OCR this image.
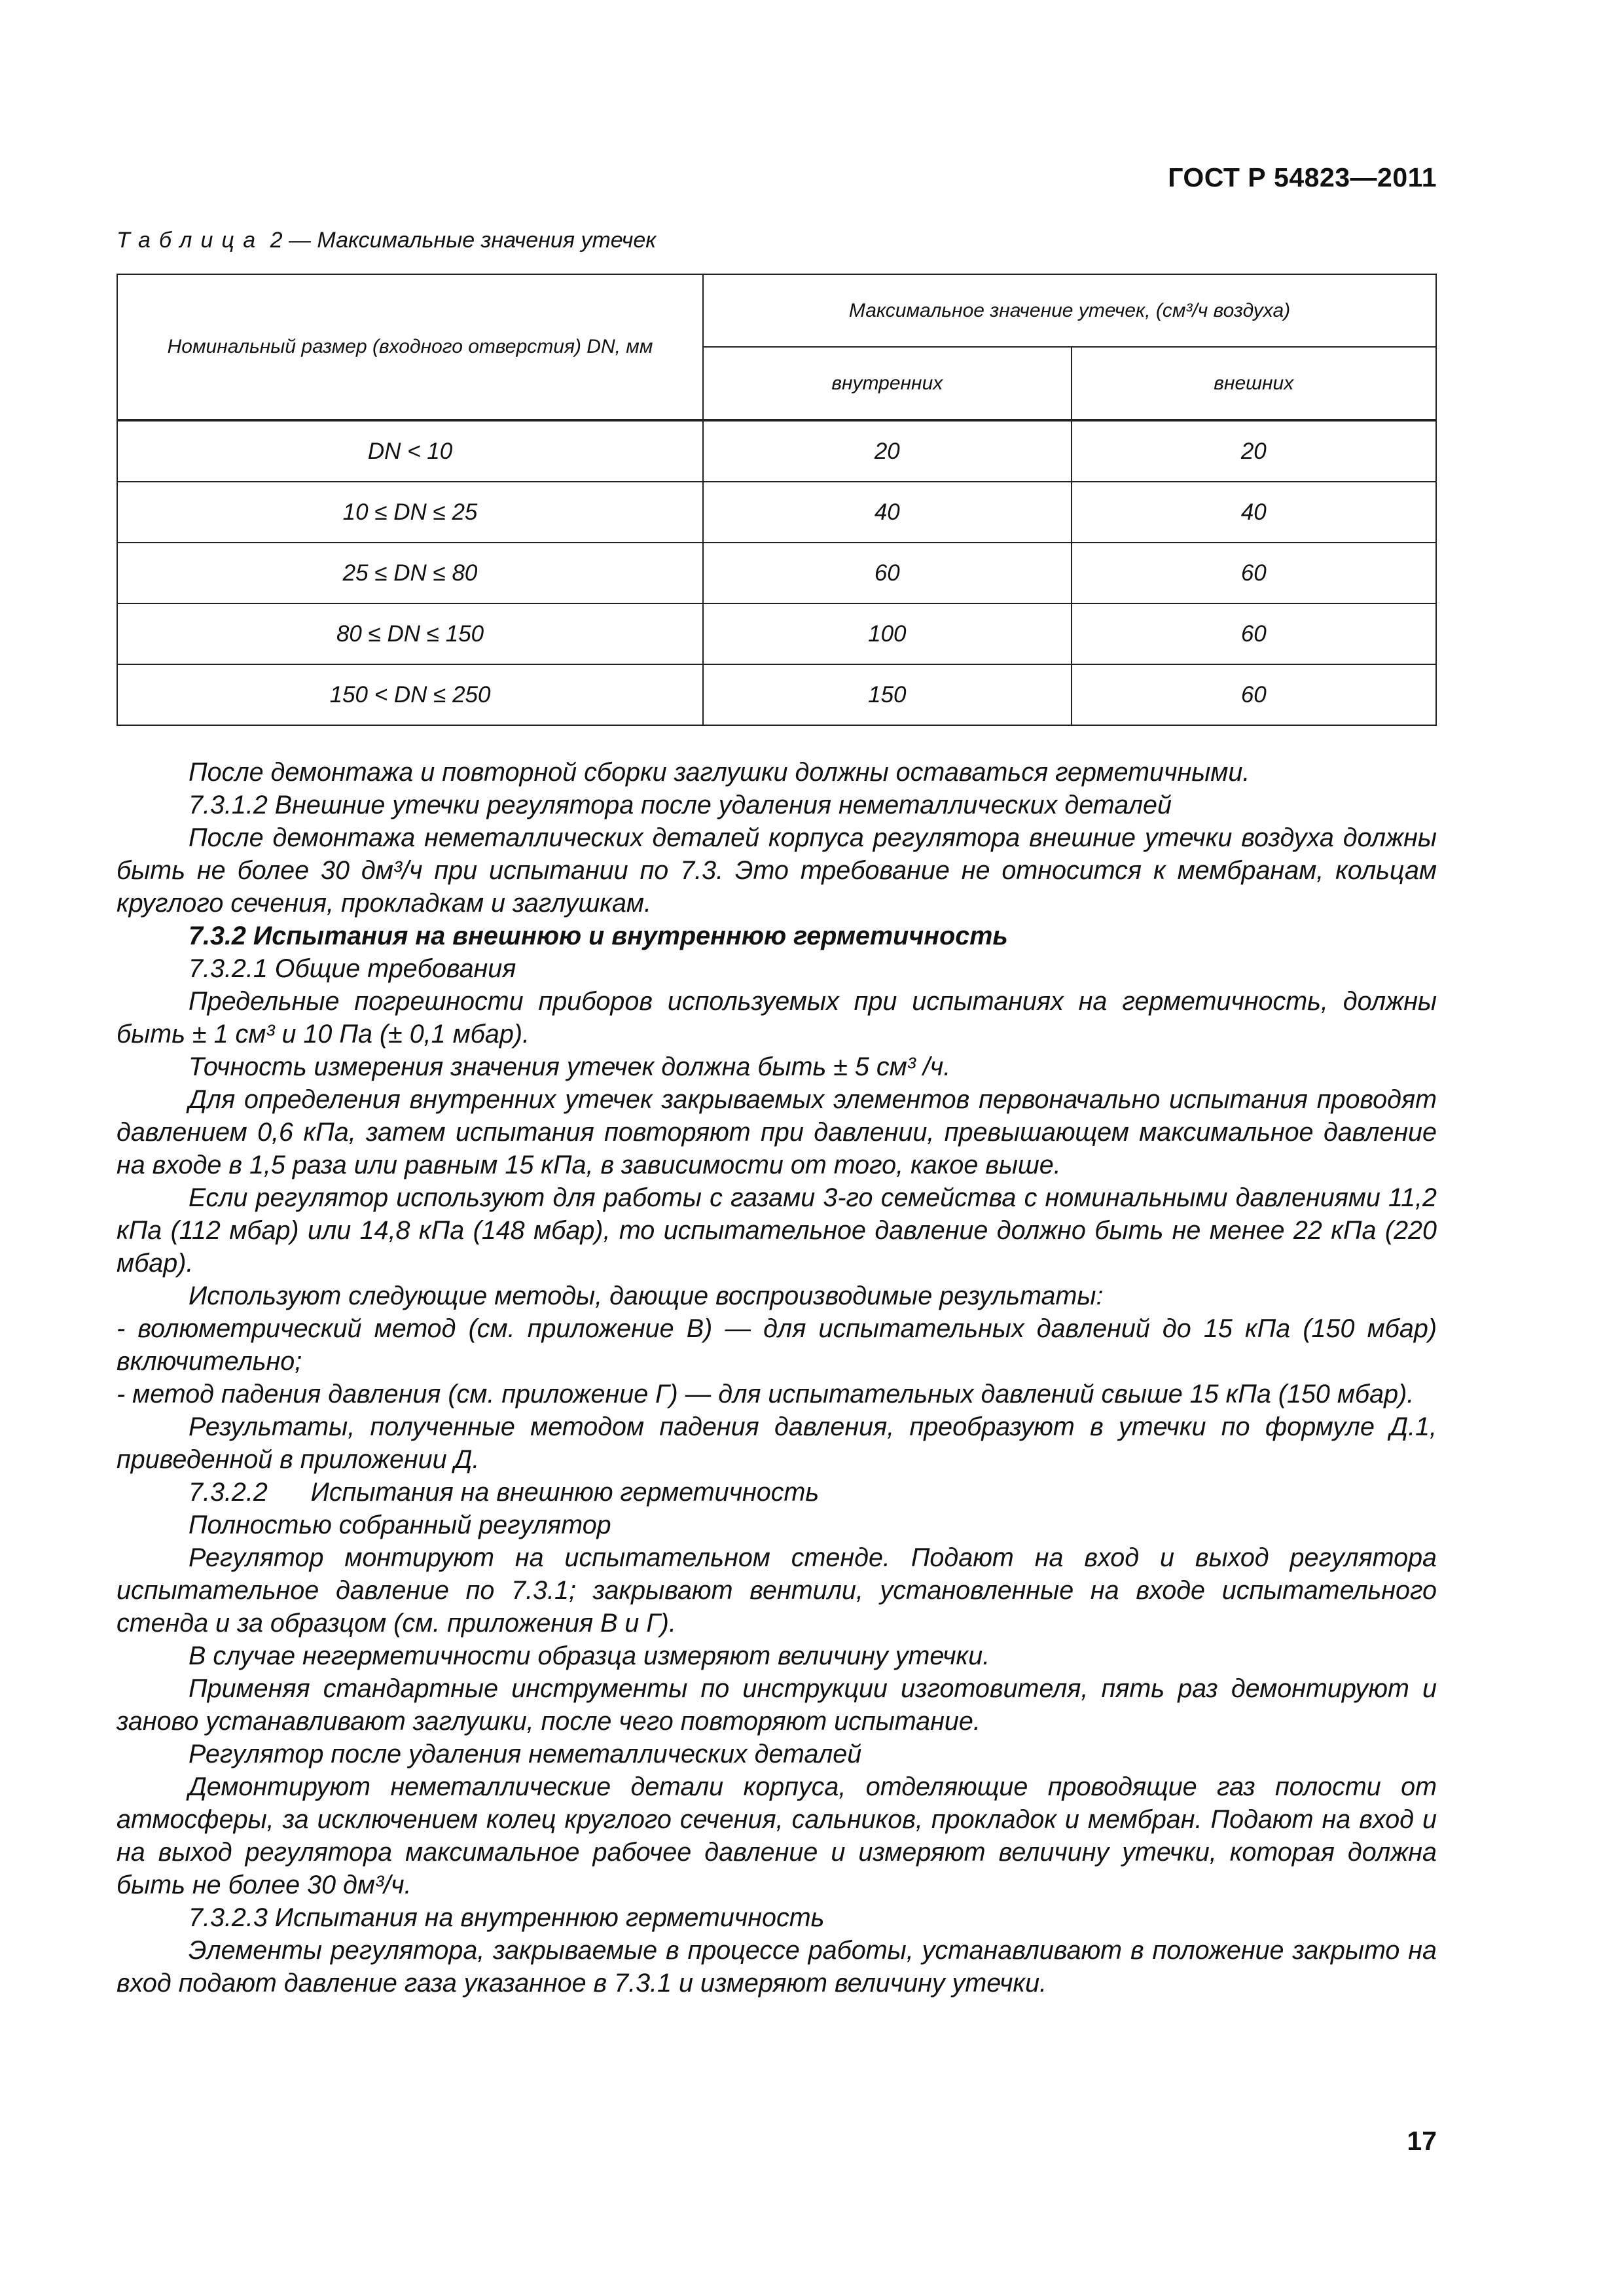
ГОСТ Р 54823—2011
Таблица 2 — Максимальные значения утечек
Номинальный размер (входного отверстия) DN, мм	Максимальное значение утечек, (см³/ч воздуха)	
	внутренних	внешних
DN < 10	20	20
10 ≤ DN ≤ 25	40	40
25 ≤ DN ≤ 80	60	60
80 ≤ DN ≤ 150	100	60
150 < DN ≤ 250	150	60

После демонтажа и повторной сборки заглушки должны оставаться герметичными.

7.3.1.2 Внешние утечки регулятора после удаления неметаллических деталей

После демонтажа неметаллических деталей корпуса регулятора внешние утечки воздуха должны быть не более 30 дм³/ч при испытании по 7.3. Это требование не относится к мембранам, кольцам круглого сечения, прокладкам и заглушкам.

7.3.2 Испытания на внешнюю и внутреннюю герметичность

7.3.2.1 Общие требования

Предельные погрешности приборов используемых при испытаниях на герметичность, должны быть ± 1 см³ и 10 Па (± 0,1 мбар).

Точность измерения значения утечек должна быть ± 5 см³ /ч.

Для определения внутренних утечек закрываемых элементов первоначально испытания проводят давлением 0,6 кПа, затем испытания повторяют при давлении, превышающем максимальное давление на входе в 1,5 раза или равным 15 кПа, в зависимости от того, какое выше.

Если регулятор используют для работы с газами 3-го семейства с номинальными давлениями 11,2 кПа (112 мбар) или 14,8 кПа (148 мбар), то испытательное давление должно быть не менее 22 кПа (220 мбар).

Используют следующие методы, дающие воспроизводимые результаты:

- волюметрический метод (см. приложение В) — для испытательных давлений до 15 кПа (150 мбар) включительно;

- метод падения давления (см. приложение Г) — для испытательных давлений свыше 15 кПа (150 мбар).

Результаты, полученные методом падения давления, преобразуют в утечки по формуле Д.1, приведенной в приложении Д.

7.3.2.2      Испытания на внешнюю герметичность

Полностью собранный регулятор

Регулятор монтируют на испытательном стенде. Подают на вход и выход регулятора испытательное давление по 7.3.1; закрывают вентили, установленные на входе испытательного стенда и за образцом (см. приложения В и Г).

В случае негерметичности образца измеряют величину утечки.

Применяя стандартные инструменты по инструкции изготовителя, пять раз демонтируют и заново устанавливают заглушки, после чего повторяют испытание.

Регулятор после удаления неметаллических деталей

Демонтируют неметаллические детали корпуса, отделяющие проводящие газ полости от атмосферы, за исключением колец круглого сечения, сальников, прокладок и мембран. Подают на вход и на выход регулятора максимальное рабочее давление и измеряют величину утечки, которая должна быть не более 30 дм³/ч.

7.3.2.3 Испытания на внутреннюю герметичность

Элементы регулятора, закрываемые в процессе работы, устанавливают в положение закрыто на вход подают давление газа указанное в 7.3.1 и измеряют величину утечки.

17
